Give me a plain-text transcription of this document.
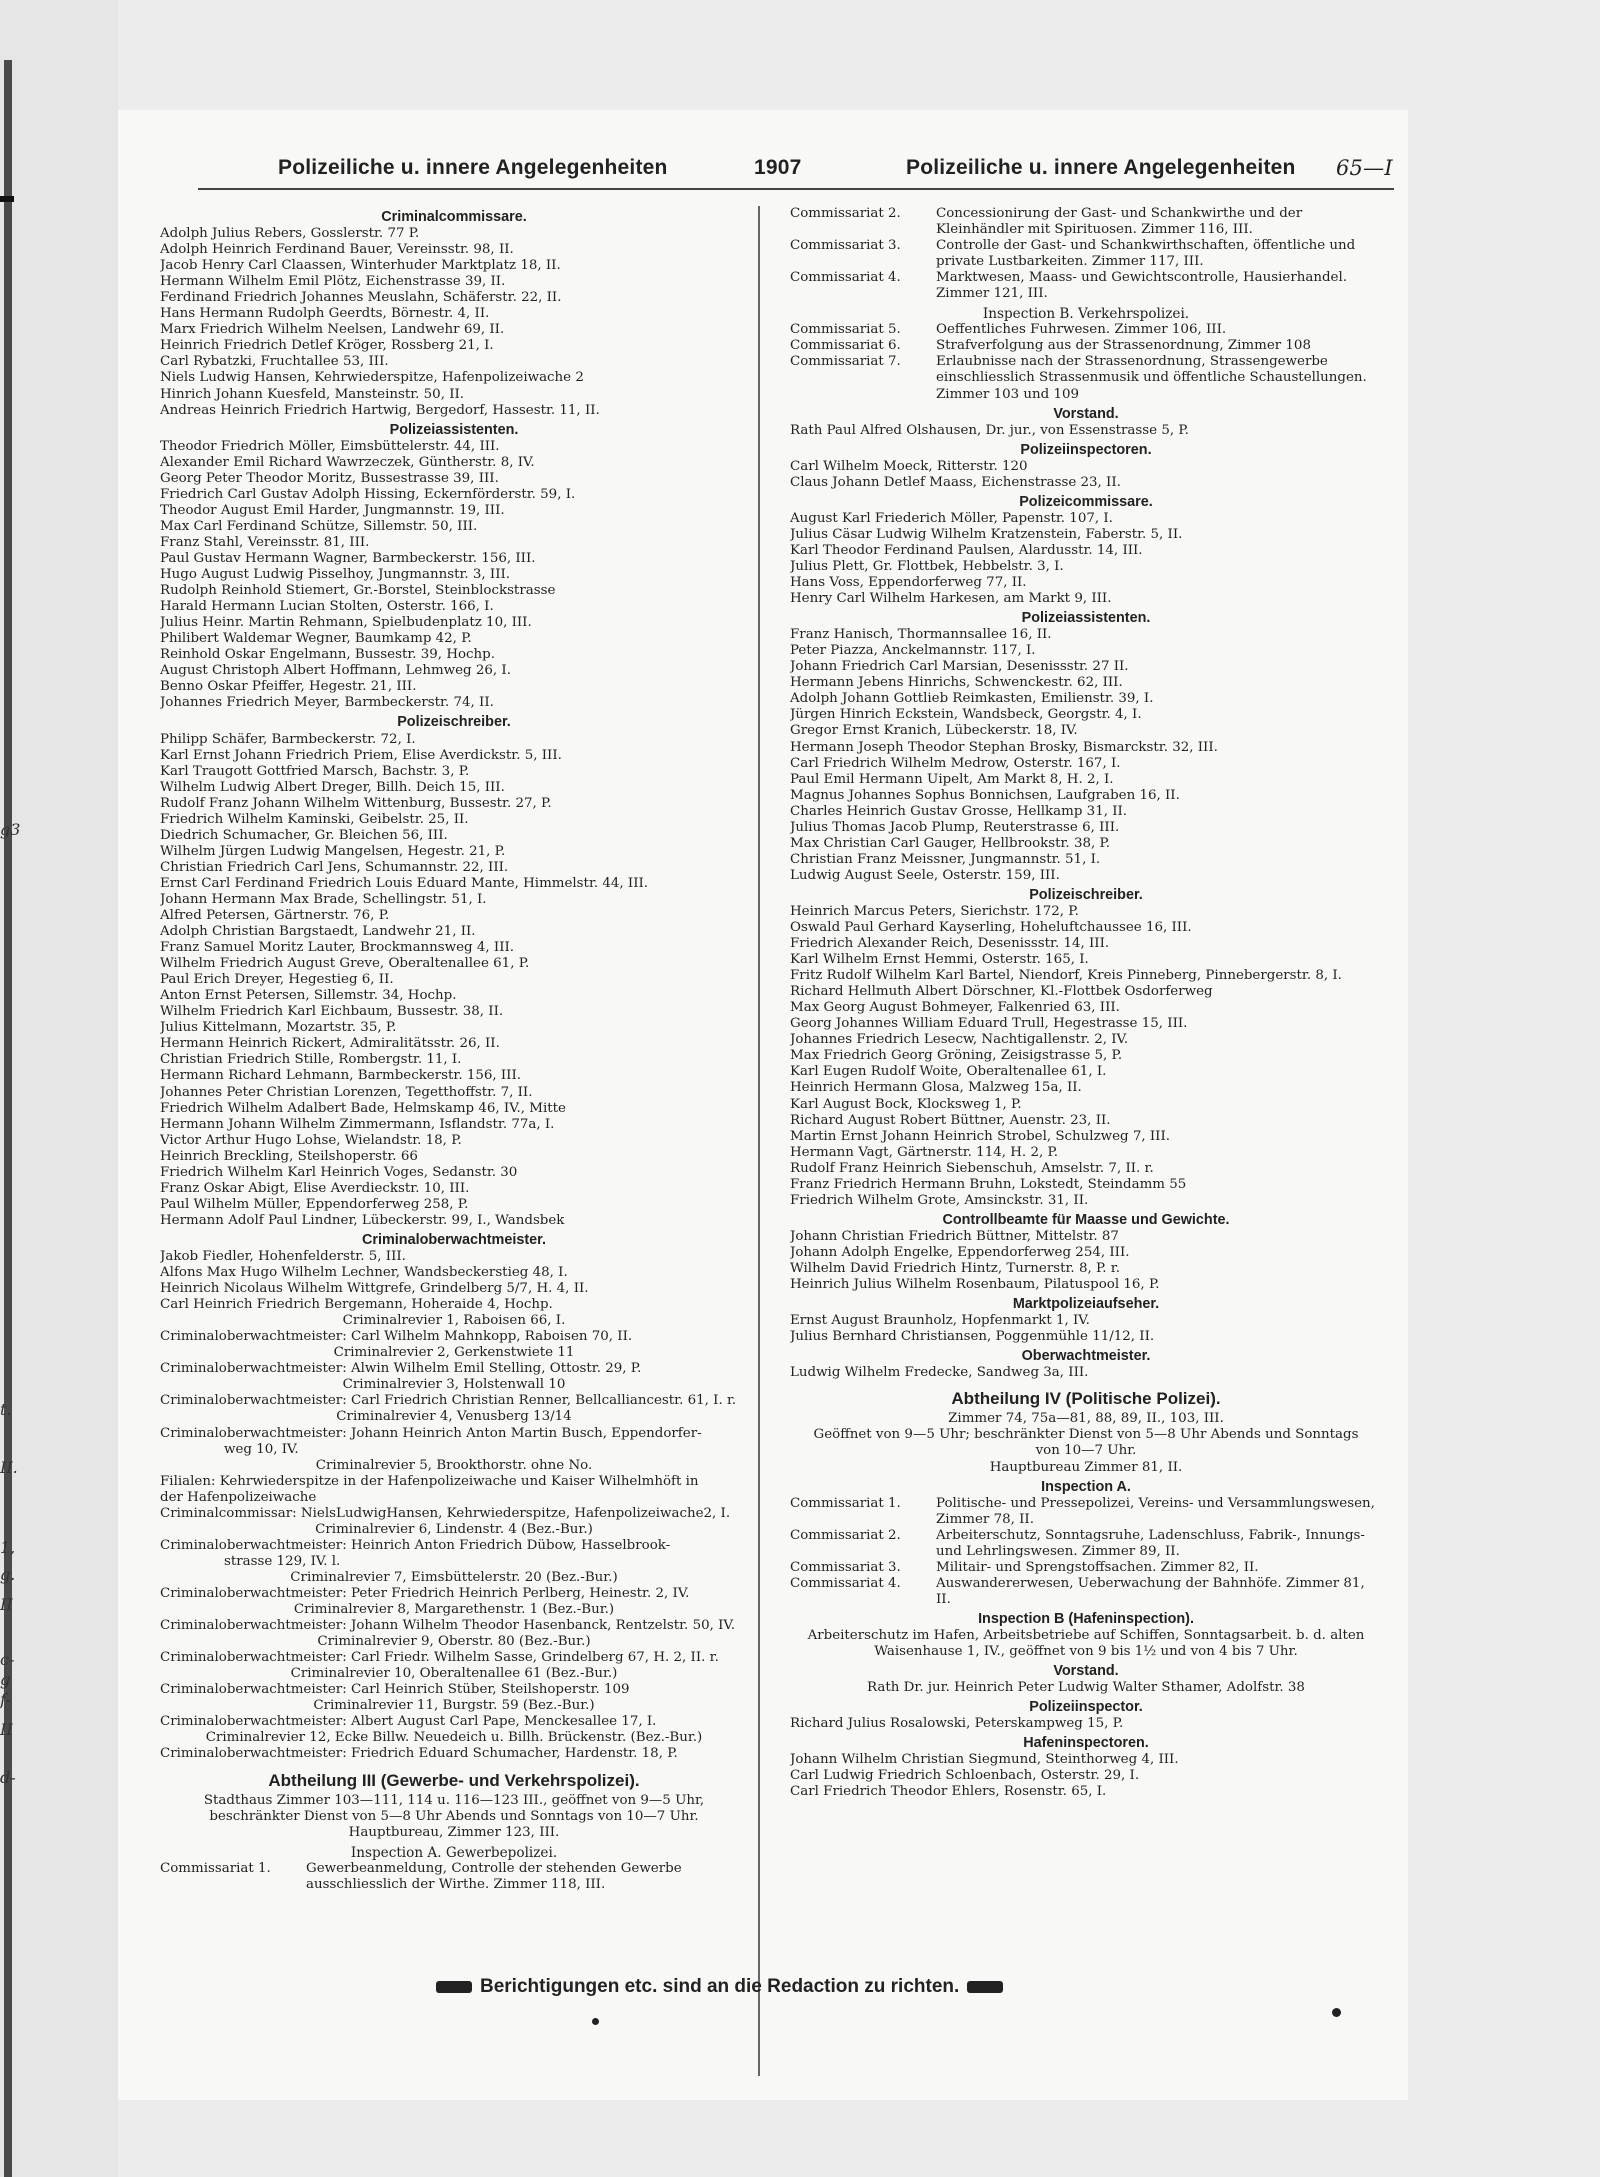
g3
t.
II.
1,
g.
II
c-
g
f-
II
d-
Polizeiliche u. innere Angelegenheiten	1907	Polizeiliche u. innere Angelegenheiten 65—I
Criminalcommissare.
Adolph Julius Rebers, Gosslerstr. 77 P.
Adolph Heinrich Ferdinand Bauer, Vereinsstr. 98, II.
Jacob Henry Carl Claassen, Winterhuder Marktplatz 18, II.
Hermann Wilhelm Emil Plötz, Eichenstrasse 39, II.
Ferdinand Friedrich Johannes Meuslahn, Schäferstr. 22, II.
Hans Hermann Rudolph Geerdts, Börnestr. 4, II.
Marx Friedrich Wilhelm Neelsen, Landwehr 69, II.
Heinrich Friedrich Detlef Kröger, Rossberg 21, I.
Carl Rybatzki, Fruchtallee 53, III.
Niels Ludwig Hansen, Kehrwiederspitze, Hafenpolizeiwache 2
Hinrich Johann Kuesfeld, Mansteinstr. 50, II.
Andreas Heinrich Friedrich Hartwig, Bergedorf, Hassestr. 11, II.
Polizeiassistenten.
Theodor Friedrich Möller, Eimsbüttelerstr. 44, III.
Alexander Emil Richard Wawrzeczek, Güntherstr. 8, IV.
Georg Peter Theodor Moritz, Bussestrasse 39, III.
Friedrich Carl Gustav Adolph Hissing, Eckernförderstr. 59, I.
Theodor August Emil Harder, Jungmannstr. 19, III.
Max Carl Ferdinand Schütze, Sillemstr. 50, III.
Franz Stahl, Vereinsstr. 81, III.
Paul Gustav Hermann Wagner, Barmbeckerstr. 156, III.
Hugo August Ludwig Pisselhoy, Jungmannstr. 3, III.
Rudolph Reinhold Stiemert, Gr.-Borstel, Steinblockstrasse
Harald Hermann Lucian Stolten, Osterstr. 166, I.
Julius Heinr. Martin Rehmann, Spielbudenplatz 10, III.
Philibert Waldemar Wegner, Baumkamp 42, P.
Reinhold Oskar Engelmann, Bussestr. 39, Hochp.
August Christoph Albert Hoffmann, Lehmweg 26, I.
Benno Oskar Pfeiffer, Hegestr. 21, III.
Johannes Friedrich Meyer, Barmbeckerstr. 74, II.
Polizeischreiber.
Philipp Schäfer, Barmbeckerstr. 72, I.
Karl Ernst Johann Friedrich Priem, Elise Averdickstr. 5, III.
Karl Traugott Gottfried Marsch, Bachstr. 3, P.
Wilhelm Ludwig Albert Dreger, Billh. Deich 15, III.
Rudolf Franz Johann Wilhelm Wittenburg, Bussestr. 27, P.
Friedrich Wilhelm Kaminski, Geibelstr. 25, II.
Diedrich Schumacher, Gr. Bleichen 56, III.
Wilhelm Jürgen Ludwig Mangelsen, Hegestr. 21, P.
Christian Friedrich Carl Jens, Schumannstr. 22, III.
Ernst Carl Ferdinand Friedrich Louis Eduard Mante, Himmelstr. 44, III.
Johann Hermann Max Brade, Schellingstr. 51, I.
Alfred Petersen, Gärtnerstr. 76, P.
Adolph Christian Bargstaedt, Landwehr 21, II.
Franz Samuel Moritz Lauter, Brockmannsweg 4, III.
Wilhelm Friedrich August Greve, Oberaltenallee 61, P.
Paul Erich Dreyer, Hegestieg 6, II.
Anton Ernst Petersen, Sillemstr. 34, Hochp.
Wilhelm Friedrich Karl Eichbaum, Bussestr. 38, II.
Julius Kittelmann, Mozartstr. 35, P.
Hermann Heinrich Rickert, Admiralitätsstr. 26, II.
Christian Friedrich Stille, Rombergstr. 11, I.
Hermann Richard Lehmann, Barmbeckerstr. 156, III.
Johannes Peter Christian Lorenzen, Tegetthoffstr. 7, II.
Friedrich Wilhelm Adalbert Bade, Helmskamp 46, IV., Mitte
Hermann Johann Wilhelm Zimmermann, Isflandstr. 77a, I.
Victor Arthur Hugo Lohse, Wielandstr. 18, P.
Heinrich Breckling, Steilshoperstr. 66
Friedrich Wilhelm Karl Heinrich Voges, Sedanstr. 30
Franz Oskar Abigt, Elise Averdieckstr. 10, III.
Paul Wilhelm Müller, Eppendorferweg 258, P.
Hermann Adolf Paul Lindner, Lübeckerstr. 99, I., Wandsbek
Criminaloberwachtmeister.
Jakob Fiedler, Hohenfelderstr. 5, III.
Alfons Max Hugo Wilhelm Lechner, Wandsbeckerstieg 48, I.
Heinrich Nicolaus Wilhelm Wittgrefe, Grindelberg 5/7, H. 4, II.
Carl Heinrich Friedrich Bergemann, Hoheraide 4, Hochp.
Criminalrevier 1, Raboisen 66, I.
Criminaloberwachtmeister: Carl Wilhelm Mahnkopp, Raboisen 70, II.
Criminalrevier 2, Gerkenstwiete 11
Criminaloberwachtmeister: Alwin Wilhelm Emil Stelling, Ottostr. 29, P.
Criminalrevier 3, Holstenwall 10
Criminaloberwachtmeister: Carl Friedrich Christian Renner, Bellcalliancestr. 61, I. r.
Criminalrevier 4, Venusberg 13/14
Criminaloberwachtmeister: Johann Heinrich Anton Martin Busch, Eppendorfer-
weg 10, IV.
Criminalrevier 5, Brookthorstr. ohne No.
Filialen: Kehrwiederspitze in der Hafenpolizeiwache und Kaiser Wilhelmhöft in
der Hafenpolizeiwache
Criminalcommissar: NielsLudwigHansen, Kehrwiederspitze, Hafenpolizeiwache2, I.
Criminalrevier 6, Lindenstr. 4 (Bez.-Bur.)
Criminaloberwachtmeister: Heinrich Anton Friedrich Dübow, Hasselbrook-
strasse 129, IV. l.
Criminalrevier 7, Eimsbüttelerstr. 20 (Bez.-Bur.)
Criminaloberwachtmeister: Peter Friedrich Heinrich Perlberg, Heinestr. 2, IV.
Criminalrevier 8, Margarethenstr. 1 (Bez.-Bur.)
Criminaloberwachtmeister: Johann Wilhelm Theodor Hasenbanck, Rentzelstr. 50, IV.
Criminalrevier 9, Oberstr. 80 (Bez.-Bur.)
Criminaloberwachtmeister: Carl Friedr. Wilhelm Sasse, Grindelberg 67, H. 2, II. r.
Criminalrevier 10, Oberaltenallee 61 (Bez.-Bur.)
Criminaloberwachtmeister: Carl Heinrich Stüber, Steilshoperstr. 109
Criminalrevier 11, Burgstr. 59 (Bez.-Bur.)
Criminaloberwachtmeister: Albert August Carl Pape, Menckesallee 17, I.
Criminalrevier 12, Ecke Billw. Neuedeich u. Billh. Brückenstr. (Bez.-Bur.)
Criminaloberwachtmeister: Friedrich Eduard Schumacher, Hardenstr. 18, P.
Abtheilung III (Gewerbe- und Verkehrspolizei).
Stadthaus Zimmer 103—111, 114 u. 116—123 III., geöffnet von 9—5 Uhr,
beschränkter Dienst von 5—8 Uhr Abends und Sonntags von 10—7 Uhr.
Hauptbureau, Zimmer 123, III.
Inspection A. Gewerbepolizei.
Commissariat 1.	Gewerbeanmeldung, Controlle der stehenden Gewerbe ausschliesslich der Wirthe. Zimmer 118, III.
Commissariat 2.	Concessionirung der Gast- und Schankwirthe und der Kleinhändler mit Spirituosen. Zimmer 116, III.
Commissariat 3.	Controlle der Gast- und Schankwirthschaften, öffentliche und private Lustbarkeiten. Zimmer 117, III.
Commissariat 4.	Marktwesen, Maass- und Gewichtscontrolle, Hausierhandel. Zimmer 121, III.
Inspection B. Verkehrspolizei.
Commissariat 5.	Oeffentliches Fuhrwesen. Zimmer 106, III.
Commissariat 6.	Strafverfolgung aus der Strassenordnung, Zimmer 108
Commissariat 7.	Erlaubnisse nach der Strassenordnung, Strassengewerbe einschliesslich Strassenmusik und öffentliche Schaustellungen. Zimmer 103 und 109
Vorstand.
Rath Paul Alfred Olshausen, Dr. jur., von Essenstrasse 5, P.
Polizeiinspectoren.
Carl Wilhelm Moeck, Ritterstr. 120
Claus Johann Detlef Maass, Eichenstrasse 23, II.
Polizeicommissare.
August Karl Friederich Möller, Papenstr. 107, I.
Julius Cäsar Ludwig Wilhelm Kratzenstein, Faberstr. 5, II.
Karl Theodor Ferdinand Paulsen, Alardusstr. 14, III.
Julius Plett, Gr. Flottbek, Hebbelstr. 3, I.
Hans Voss, Eppendorferweg 77, II.
Henry Carl Wilhelm Harkesen, am Markt 9, III.
Polizeiassistenten.
Franz Hanisch, Thormannsallee 16, II.
Peter Piazza, Anckelmannstr. 117, I.
Johann Friedrich Carl Marsian, Desenissstr. 27 II.
Hermann Jebens Hinrichs, Schwenckestr. 62, III.
Adolph Johann Gottlieb Reimkasten, Emilienstr. 39, I.
Jürgen Hinrich Eckstein, Wandsbeck, Georgstr. 4, I.
Gregor Ernst Kranich, Lübeckerstr. 18, IV.
Hermann Joseph Theodor Stephan Brosky, Bismarckstr. 32, III.
Carl Friedrich Wilhelm Medrow, Osterstr. 167, I.
Paul Emil Hermann Uipelt, Am Markt 8, H. 2, I.
Magnus Johannes Sophus Bonnichsen, Laufgraben 16, II.
Charles Heinrich Gustav Grosse, Hellkamp 31, II.
Julius Thomas Jacob Plump, Reuterstrasse 6, III.
Max Christian Carl Gauger, Hellbrookstr. 38, P.
Christian Franz Meissner, Jungmannstr. 51, I.
Ludwig August Seele, Osterstr. 159, III.
Polizeischreiber.
Heinrich Marcus Peters, Sierichstr. 172, P.
Oswald Paul Gerhard Kayserling, Hoheluftchaussee 16, III.
Friedrich Alexander Reich, Desenissstr. 14, III.
Karl Wilhelm Ernst Hemmi, Osterstr. 165, I.
Fritz Rudolf Wilhelm Karl Bartel, Niendorf, Kreis Pinneberg, Pinnebergerstr. 8, I.
Richard Hellmuth Albert Dörschner, Kl.-Flottbek Osdorferweg
Max Georg August Bohmeyer, Falkenried 63, III.
Georg Johannes William Eduard Trull, Hegestrasse 15, III.
Johannes Friedrich Lesecw, Nachtigallenstr. 2, IV.
Max Friedrich Georg Gröning, Zeisigstrasse 5, P.
Karl Eugen Rudolf Woite, Oberaltenallee 61, I.
Heinrich Hermann Glosa, Malzweg 15a, II.
Karl August Bock, Klocksweg 1, P.
Richard August Robert Büttner, Auenstr. 23, II.
Martin Ernst Johann Heinrich Strobel, Schulzweg 7, III.
Hermann Vagt, Gärtnerstr. 114, H. 2, P.
Rudolf Franz Heinrich Siebenschuh, Amselstr. 7, II. r.
Franz Friedrich Hermann Bruhn, Lokstedt, Steindamm 55
Friedrich Wilhelm Grote, Amsinckstr. 31, II.
Controllbeamte für Maasse und Gewichte.
Johann Christian Friedrich Büttner, Mittelstr. 87
Johann Adolph Engelke, Eppendorferweg 254, III.
Wilhelm David Friedrich Hintz, Turnerstr. 8, P. r.
Heinrich Julius Wilhelm Rosenbaum, Pilatuspool 16, P.
Marktpolizeiaufseher.
Ernst August Braunholz, Hopfenmarkt 1, IV.
Julius Bernhard Christiansen, Poggenmühle 11/12, II.
Oberwachtmeister.
Ludwig Wilhelm Fredecke, Sandweg 3a, III.
Abtheilung IV (Politische Polizei).
Zimmer 74, 75a—81, 88, 89, II., 103, III.
Geöffnet von 9—5 Uhr; beschränkter Dienst von 5—8 Uhr Abends und Sonntags
von 10—7 Uhr.
Hauptbureau Zimmer 81, II.
Inspection A.
Commissariat 1.	Politische- und Pressepolizei, Vereins- und Versammlungswesen, Zimmer 78, II.
Commissariat 2.	Arbeiterschutz, Sonntagsruhe, Ladenschluss, Fabrik-, Innungs- und Lehrlingswesen. Zimmer 89, II.
Commissariat 3.	Militair- und Sprengstoffsachen. Zimmer 82, II.
Commissariat 4.	Auswandererwesen, Ueberwachung der Bahnhöfe. Zimmer 81, II.
Inspection B (Hafeninspection).
Arbeiterschutz im Hafen, Arbeitsbetriebe auf Schiffen, Sonntagsarbeit. b. d. alten
Waisenhause 1, IV., geöffnet von 9 bis 1½ und von 4 bis 7 Uhr.
Vorstand.
Rath Dr. jur. Heinrich Peter Ludwig Walter Sthamer, Adolfstr. 38
Polizeiinspector.
Richard Julius Rosalowski, Peterskampweg 15, P.
Hafeninspectoren.
Johann Wilhelm Christian Siegmund, Steinthorweg 4, III.
Carl Ludwig Friedrich Schloenbach, Osterstr. 29, I.
Carl Friedrich Theodor Ehlers, Rosenstr. 65, I.
Berichtigungen etc. sind an die Redaction zu richten.
